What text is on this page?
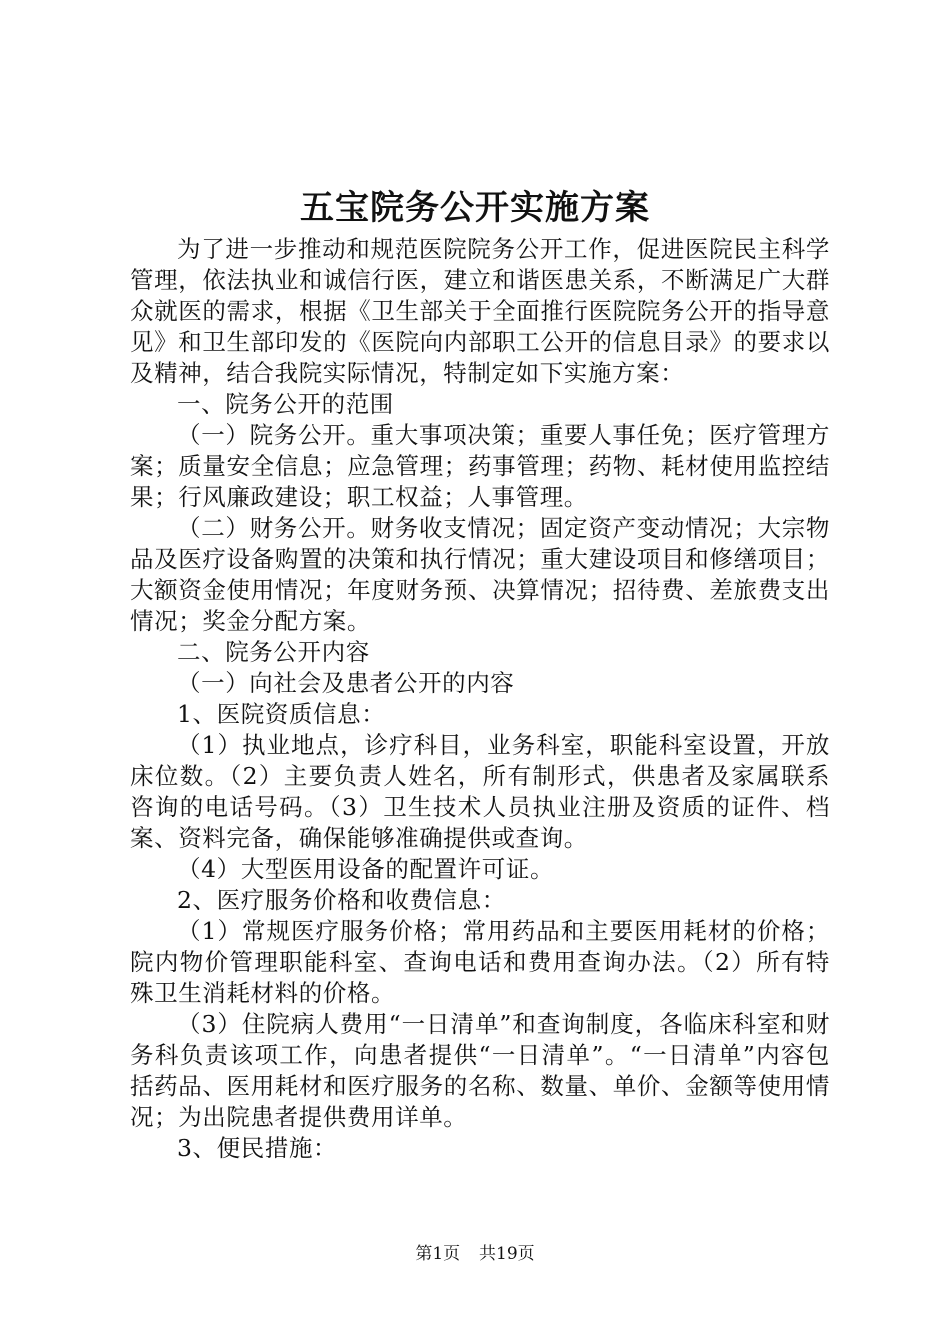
五宝院务公开实施方案

为了进一步推动和规范医院院务公开工作，促进医院民主科学管理，依法执业和诚信行医，建立和谐医患关系，不断满足广大群众就医的需求，根据《卫生部关于全面推行医院院务公开的指导意见》和卫生部印发的《医院向内部职工公开的信息目录》的要求以及精神，结合我院实际情况，特制定如下实施方案：

一、院务公开的范围

（一）院务公开。重大事项决策；重要人事任免；医疗管理方案；质量安全信息；应急管理；药事管理；药物、耗材使用监控结果；行风廉政建设；职工权益；人事管理。

（二）财务公开。财务收支情况；固定资产变动情况；大宗物品及医疗设备购置的决策和执行情况；重大建设项目和修缮项目；大额资金使用情况；年度财务预、决算情况；招待费、差旅费支出情况；奖金分配方案。

二、院务公开内容

（一）向社会及患者公开的内容

1、医院资质信息：

（1）执业地点，诊疗科目，业务科室，职能科室设置，开放床位数。（2）主要负责人姓名，所有制形式，供患者及家属联系咨询的电话号码。（3）卫生技术人员执业注册及资质的证件、档案、资料完备，确保能够准确提供或查询。

（4）大型医用设备的配置许可证。

2、医疗服务价格和收费信息：

（1）常规医疗服务价格；常用药品和主要医用耗材的价格；院内物价管理职能科室、查询电话和费用查询办法。（2）所有特殊卫生消耗材料的价格。

（3）住院病人费用“一日清单”和查询制度，各临床科室和财务科负责该项工作，向患者提供“一日清单”。“一日清单”内容包括药品、医用耗材和医疗服务的名称、数量、单价、金额等使用情况；为出院患者提供费用详单。

3、便民措施：

第1页 共19页
